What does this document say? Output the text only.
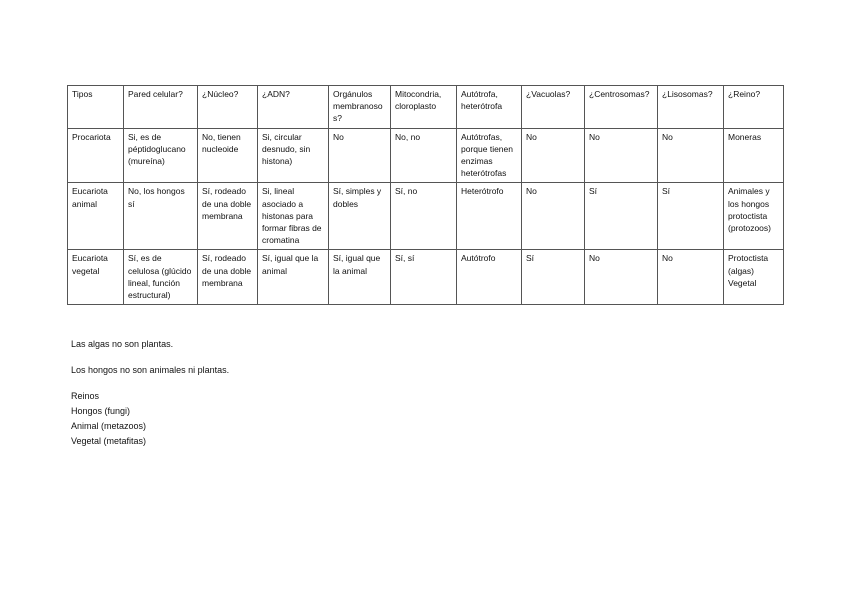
Tipos	Pared celular?	¿Núcleo?	¿ADN?	Orgánulos membranosos?	Mitocondria, cloroplasto	Autótrofa, heterótrofa	¿Vacuolas?	¿Centrosomas?	¿Lisosomas?	¿Reino?
Procariota	Si, es de péptidoglucano (mureína)	No, tienen nucleoide	Si, circular desnudo, sin histona)	No	No, no	Autótrofas, porque tienen enzimas heterótrofas	No	No	No	Moneras
Eucariota animal	No, los hongos sí	Sí, rodeado de una doble membrana	Si, lineal asociado a histonas para formar fibras de cromatina	Sí, simples y dobles	Sí, no	Heterótrofo	No	Sí	Sí	Animales y los hongos protoctista (protozoos)
Eucariota vegetal	Sí, es de celulosa (glúcido lineal, función estructural)	Sí, rodeado de una doble membrana	Sí, igual que la animal	Sí, igual que la animal	Sí, sí	Autótrofo	Sí	No	No	Protoctista (algas) Vegetal

Las algas no son plantas.

Los hongos no son animales ni plantas.

Reinos

Hongos (fungi)

Animal (metazoos)

Vegetal (metafitas)
